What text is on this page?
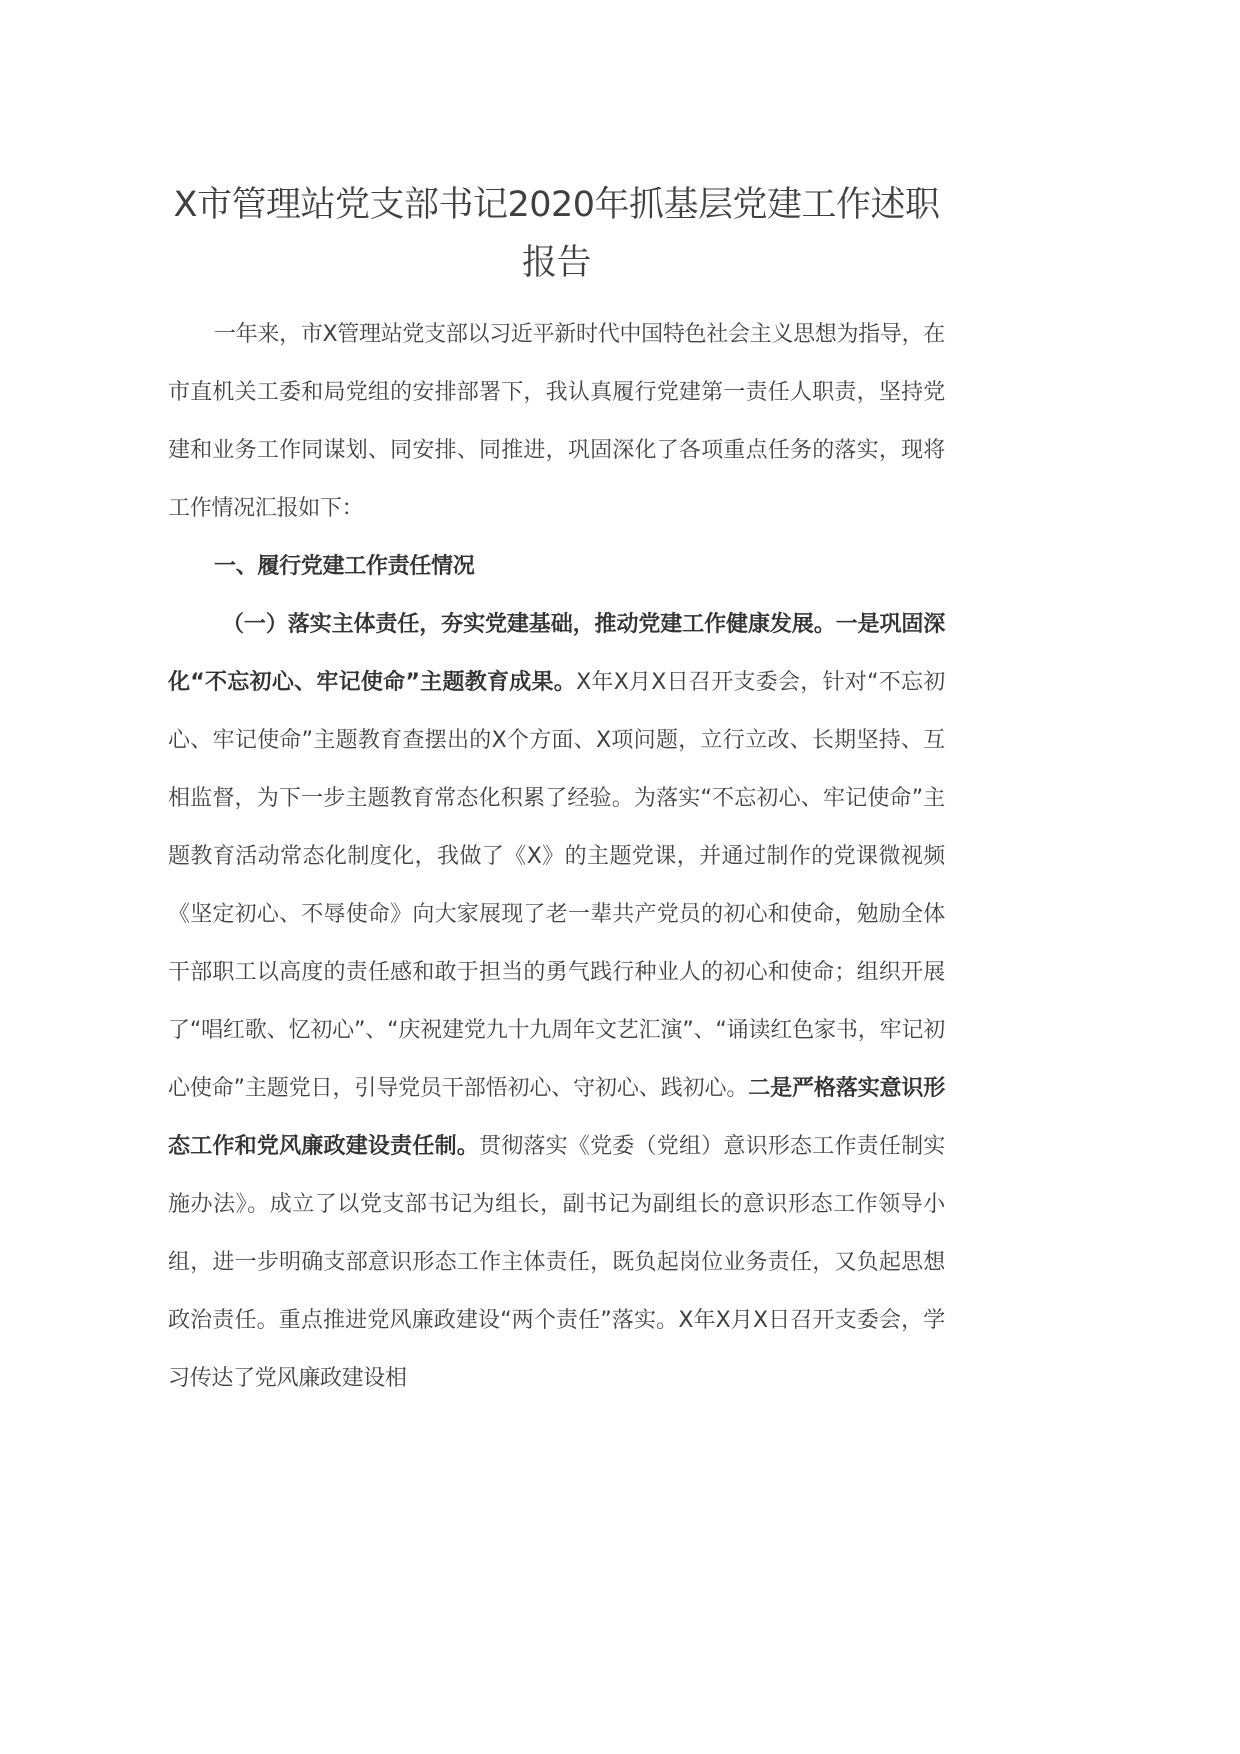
X市管理站党支部书记2020年抓基层党建工作述职
报告

一年来，市X管理站党支部以习近平新时代中国特色社会主义思想为指导，在市直机关工委和局党组的安排部署下，我认真履行党建第一责任人职责，坚持党建和业务工作同谋划、同安排、同推进，巩固深化了各项重点任务的落实，现将工作情况汇报如下：

一、履行党建工作责任情况

（一）落实主体责任，夯实党建基础，推动党建工作健康发展。一是巩固深化“不忘初心、牢记使命”主题教育成果。X年X月X日召开支委会，针对“不忘初心、牢记使命”主题教育查摆出的X个方面、X项问题，立行立改、长期坚持、互相监督，为下一步主题教育常态化积累了经验。为落实“不忘初心、牢记使命”主题教育活动常态化制度化，我做了《X》的主题党课，并通过制作的党课微视频《坚定初心、不辱使命》向大家展现了老一辈共产党员的初心和使命，勉励全体干部职工以高度的责任感和敢于担当的勇气践行种业人的初心和使命；组织开展了“唱红歌、忆初心”、“庆祝建党九十九周年文艺汇演”、“诵读红色家书，牢记初心使命”主题党日，引导党员干部悟初心、守初心、践初心。二是严格落实意识形态工作和党风廉政建设责任制。贯彻落实《党委（党组）意识形态工作责任制实施办法》。成立了以党支部书记为组长，副书记为副组长的意识形态工作领导小组，进一步明确支部意识形态工作主体责任，既负起岗位业务责任，又负起思想政治责任。重点推进党风廉政建设“两个责任”落实。X年X月X日召开支委会，学习传达了党风廉政建设相
